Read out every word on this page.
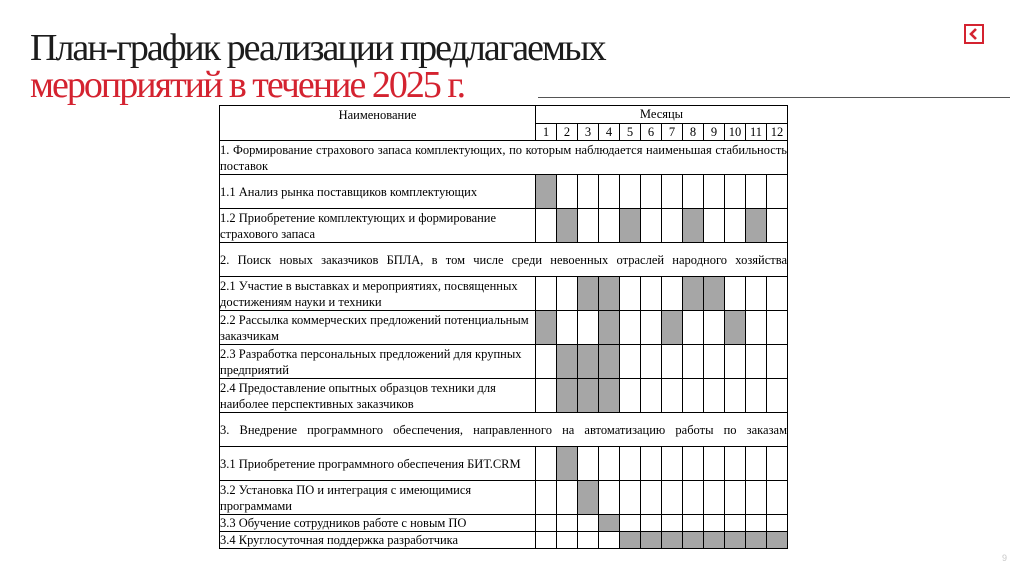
План-график реализации предлагаемых
мероприятий в течение 2025 г.
Наименование	Месяцы											
	1	2	3	4	5	6	7	8	9	10	11	12
1. Формирование страхового запаса комплектующих, по которым наблюдается наименьшая стабильность поставок												
1.1 Анализ рынка поставщиков комплектующих												
1.2 Приобретение комплектующих и формирование страхового запаса												
2. Поиск новых заказчиков БПЛА, в том числе среди невоенных отраслей народного хозяйства												
2.1 Участие в выставках и мероприятиях, посвященных достижениям науки и техники												
2.2 Рассылка коммерческих предложений потенциальным заказчикам												
2.3 Разработка персональных предложений для крупных предприятий												
2.4 Предоставление опытных образцов техники для наиболее перспективных заказчиков												
3. Внедрение программного обеспечения, направленного на автоматизацию работы по заказам												
3.1 Приобретение программного обеспечения БИТ.CRM												
3.2 Установка ПО и интеграция с имеющимися программами												
3.3 Обучение сотрудников работе с новым ПО												
3.4 Круглосуточная поддержка разработчика												
9
